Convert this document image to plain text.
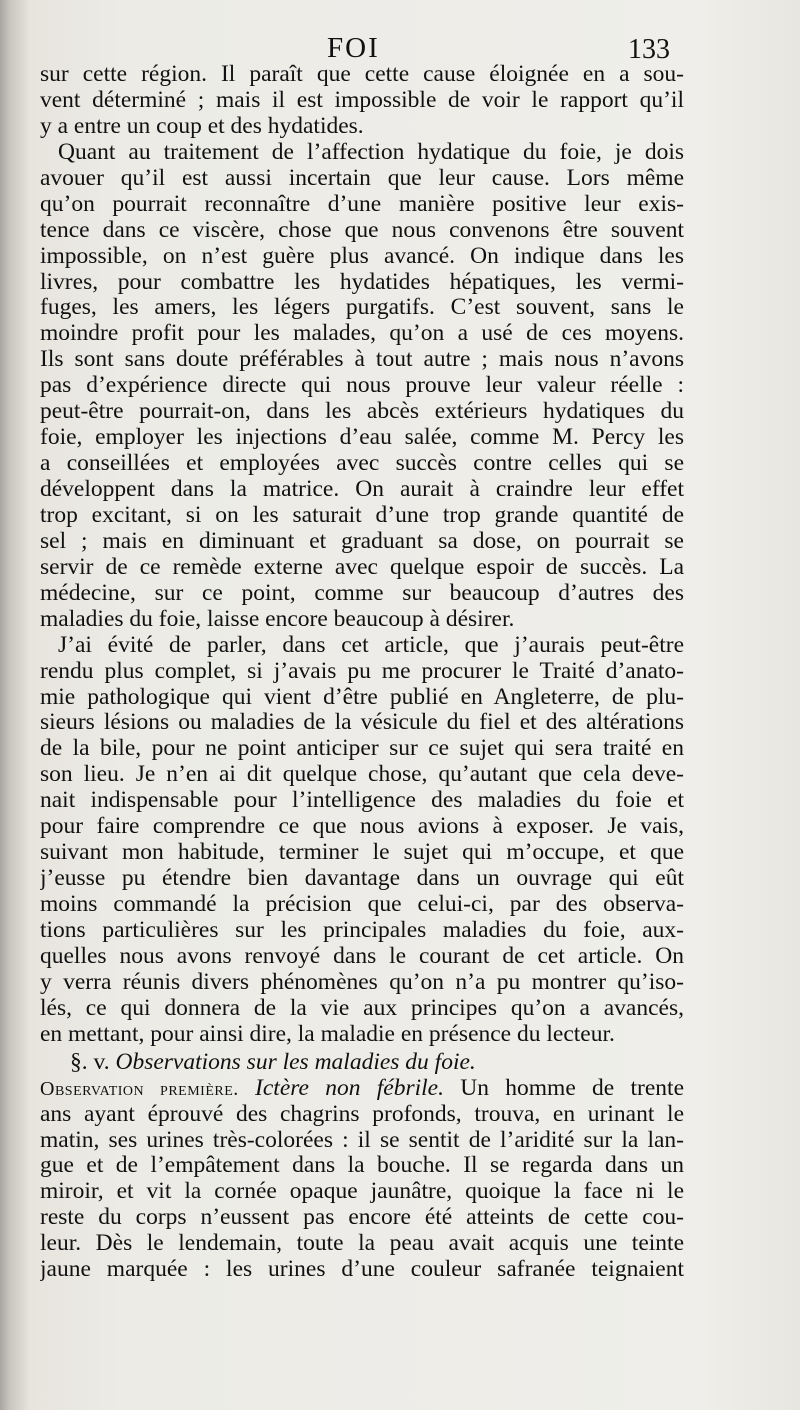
FOI	133
sur cette région. Il paraît que cette cause éloignée en a sou-
vent déterminé ; mais il est impossible de voir le rapport qu’il
y a entre un coup et des hydatides.
Quant au traitement de l’affection hydatique du foie, je dois
avouer qu’il est aussi incertain que leur cause. Lors même
qu’on pourrait reconnaître d’une manière positive leur exis-
tence dans ce viscère, chose que nous convenons être souvent
impossible, on n’est guère plus avancé. On indique dans les
livres, pour combattre les hydatides hépatiques, les vermi-
fuges, les amers, les légers purgatifs. C’est souvent, sans le
moindre profit pour les malades, qu’on a usé de ces moyens.
Ils sont sans doute préférables à tout autre ; mais nous n’avons
pas d’expérience directe qui nous prouve leur valeur réelle :
peut-être pourrait-on, dans les abcès extérieurs hydatiques du
foie, employer les injections d’eau salée, comme M. Percy les
a conseillées et employées avec succès contre celles qui se
développent dans la matrice. On aurait à craindre leur effet
trop excitant, si on les saturait d’une trop grande quantité de
sel ; mais en diminuant et graduant sa dose, on pourrait se
servir de ce remède externe avec quelque espoir de succès. La
médecine, sur ce point, comme sur beaucoup d’autres des
maladies du foie, laisse encore beaucoup à désirer.
J’ai évité de parler, dans cet article, que j’aurais peut-être
rendu plus complet, si j’avais pu me procurer le Traité d’anato-
mie pathologique qui vient d’être publié en Angleterre, de plu-
sieurs lésions ou maladies de la vésicule du fiel et des altérations
de la bile, pour ne point anticiper sur ce sujet qui sera traité en
son lieu. Je n’en ai dit quelque chose, qu’autant que cela deve-
nait indispensable pour l’intelligence des maladies du foie et
pour faire comprendre ce que nous avions à exposer. Je vais,
suivant mon habitude, terminer le sujet qui m’occupe, et que
j’eusse pu étendre bien davantage dans un ouvrage qui eût
moins commandé la précision que celui-ci, par des observa-
tions particulières sur les principales maladies du foie, aux-
quelles nous avons renvoyé dans le courant de cet article. On
y verra réunis divers phénomènes qu’on n’a pu montrer qu’iso-
lés, ce qui donnera de la vie aux principes qu’on a avancés,
en mettant, pour ainsi dire, la maladie en présence du lecteur.
§. v. Observations sur les maladies du foie.
Observation première. Ictère non fébrile. Un homme de trente
ans ayant éprouvé des chagrins profonds, trouva, en urinant le
matin, ses urines très-colorées : il se sentit de l’aridité sur la lan-
gue et de l’empâtement dans la bouche. Il se regarda dans un
miroir, et vit la cornée opaque jaunâtre, quoique la face ni le
reste du corps n’eussent pas encore été atteints de cette cou-
leur. Dès le lendemain, toute la peau avait acquis une teinte
jaune marquée : les urines d’une couleur safranée teignaient
